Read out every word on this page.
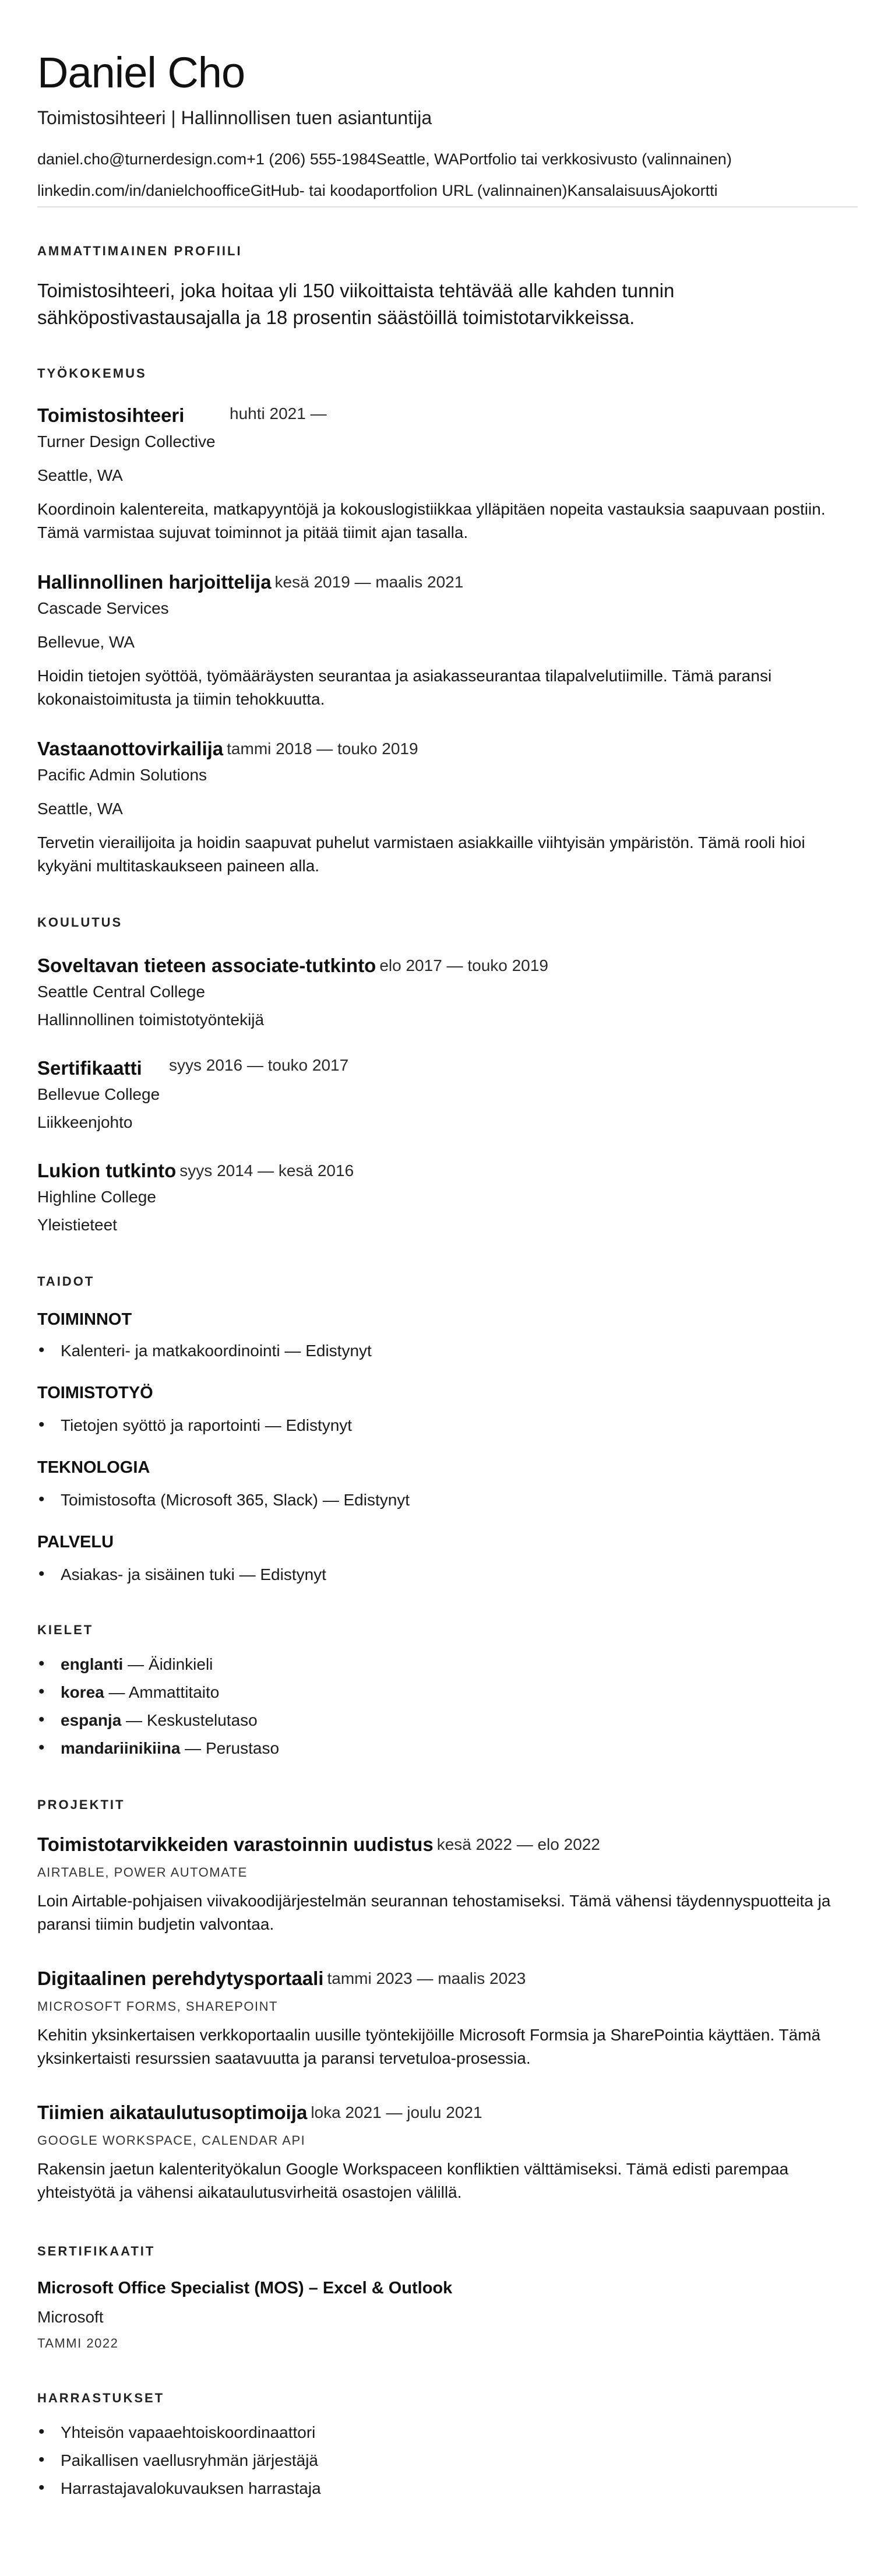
Daniel Cho
Toimistosihteeri | Hallinnollisen tuen asiantuntija
daniel.cho@turnerdesign.com+1 (206) 555-1984Seattle, WAPortfolio tai verkkosivusto (valinnainen)
linkedin.com/in/danielchoofficeGitHub- tai koodaportfolion URL (valinnainen)KansalaisuusAjokortti
AMMATTIMAINEN PROFIILI
Toimistosihteeri, joka hoitaa yli 150 viikoittaista tehtävää alle kahden tunnin sähköpostivastausajalla ja 18 prosentin säästöillä toimistotarvikkeissa.
TYÖKOKEMUS
Toimistosihteeri	huhti 2021 —
Turner Design Collective
Seattle, WA
Koordinoin kalentereita, matkapyyntöjä ja kokouslogistiikkaa ylläpitäen nopeita vastauksia saapuvaan postiin. Tämä varmistaa sujuvat toiminnot ja pitää tiimit ajan tasalla.
Hallinnollinen harjoittelija kesä 2019 — maalis 2021
Cascade Services
Bellevue, WA
Hoidin tietojen syöttöä, työmääräysten seurantaa ja asiakasseurantaa tilapalvelutiimille. Tämä paransi kokonaistoimitusta ja tiimin tehokkuutta.
Vastaanottovirkailija tammi 2018 — touko 2019
Pacific Admin Solutions
Seattle, WA
Tervetin vierailijoita ja hoidin saapuvat puhelut varmistaen asiakkaille viihtyisän ympäristön. Tämä rooli hioi kykyäni multitaskaukseen paineen alla.
KOULUTUS
Soveltavan tieteen associate-tutkinto elo 2017 — touko 2019
Seattle Central College
Hallinnollinen toimistotyöntekijä
Sertifikaatti syys 2016 — touko 2017
Bellevue College
Liikkeenjohto
Lukion tutkinto syys 2014 — kesä 2016
Highline College
Yleistieteet
TAIDOT
TOIMINNOT
• Kalenteri- ja matkakoordinointi — Edistynyt
TOIMISTOTYÖ
• Tietojen syöttö ja raportointi — Edistynyt
TEKNOLOGIA
• Toimistosofta (Microsoft 365, Slack) — Edistynyt
PALVELU
• Asiakas- ja sisäinen tuki — Edistynyt
KIELET
• englanti — Äidinkieli
• korea — Ammattitaito
• espanja — Keskustelutaso
• mandariinikiina — Perustaso
PROJEKTIT
Toimistotarvikkeiden varastoinnin uudistus kesä 2022 — elo 2022
AIRTABLE, POWER AUTOMATE
Loin Airtable-pohjaisen viivakoodijärjestelmän seurannan tehostamiseksi. Tämä vähensi täydennyspuotteita ja paransi tiimin budjetin valvontaa.
Digitaalinen perehdytysportaali tammi 2023 — maalis 2023
MICROSOFT FORMS, SHAREPOINT
Kehitin yksinkertaisen verkkoportaalin uusille työntekijöille Microsoft Formsia ja SharePointia käyttäen. Tämä yksinkertaisti resurssien saatavuutta ja paransi tervetuloa-prosessia.
Tiimien aikataulutusoptimoija loka 2021 — joulu 2021
GOOGLE WORKSPACE, CALENDAR API
Rakensin jaetun kalenterityökalun Google Workspaceen konfliktien välttämiseksi. Tämä edisti parempaa yhteistyötä ja vähensi aikataulutusvirheitä osastojen välillä.
SERTIFIKAATIT
Microsoft Office Specialist (MOS) – Excel & Outlook
Microsoft
TAMMI 2022
HARRASTUKSET
• Yhteisön vapaaehtoiskoordinaattori
• Paikallisen vaellusryhmän järjestäjä
• Harrastajavalokuvauksen harrastaja
